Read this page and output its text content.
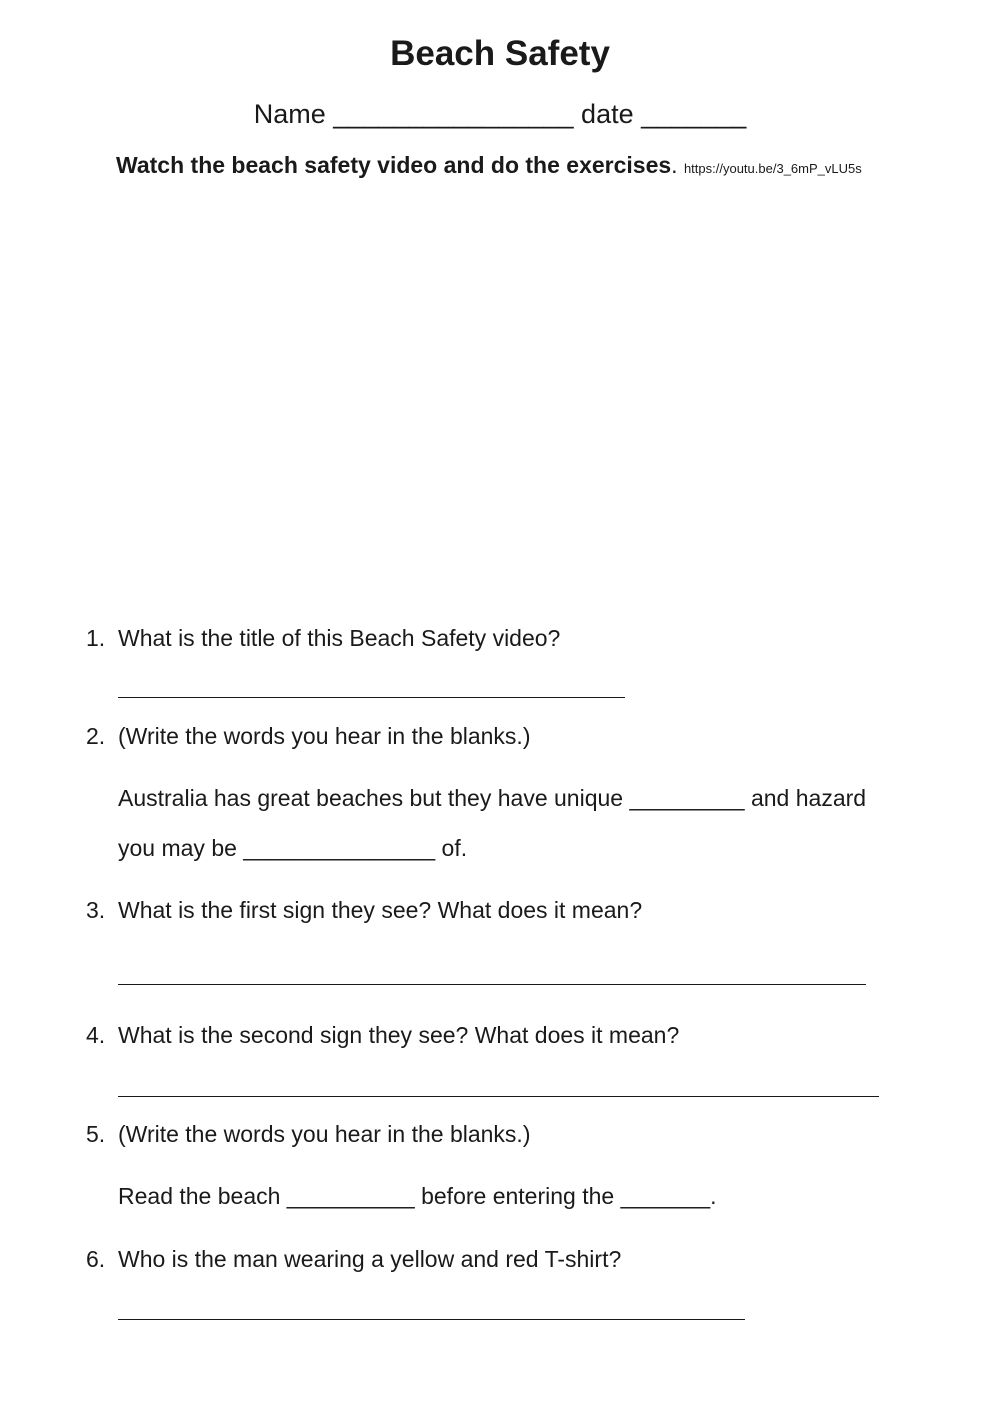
Beach Safety
Name ________________ date _______
Watch the beach safety video and do the exercises. https://youtu.be/3_6mP_vLU5s
1. What is the title of this Beach Safety video?
2. (Write the words you hear in the blanks.)
Australia has great beaches but they have unique _________ and hazard
you may be _______________ of.
3. What is the first sign they see? What does it mean?
4. What is the second sign they see? What does it mean?
5. (Write the words you hear in the blanks.)
Read the beach __________ before entering the _______.
6. Who is the man wearing a yellow and red T-shirt?
